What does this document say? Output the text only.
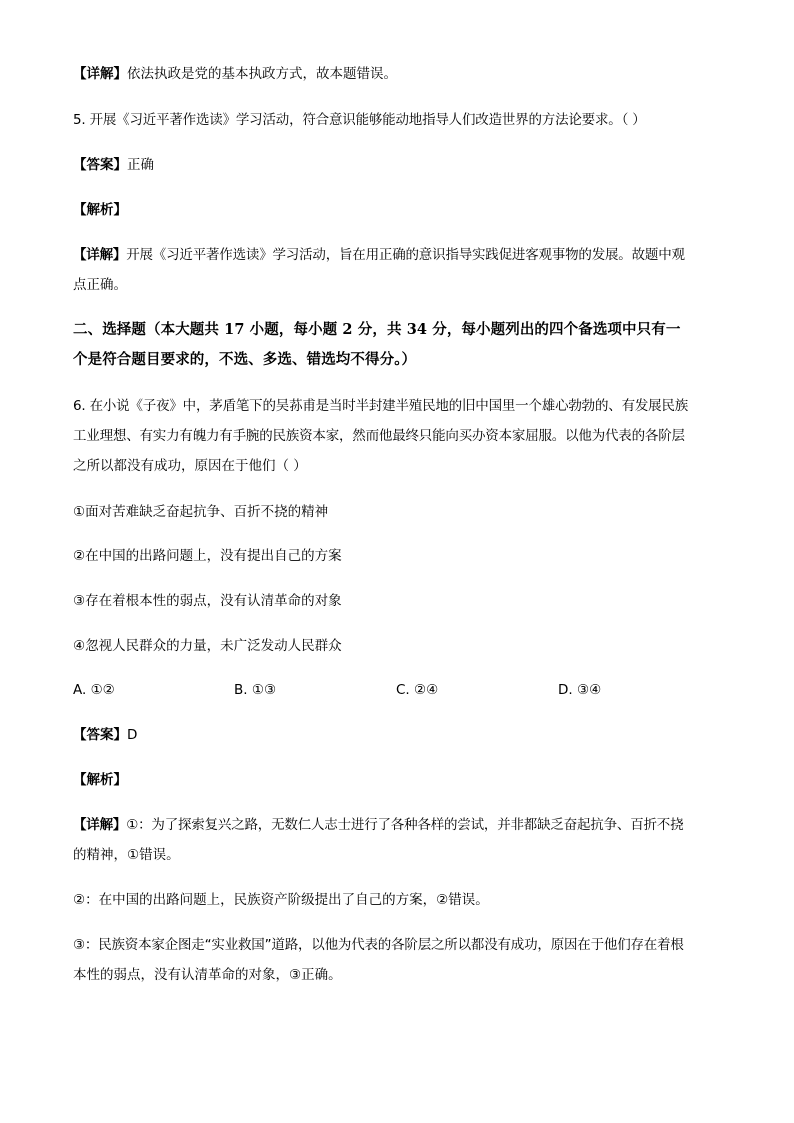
【详解】依法执政是党的基本执政方式，故本题错误。
5. 开展《习近平著作选读》学习活动，符合意识能够能动地指导人们改造世界的方法论要求。（ ）
【答案】正确
【解析】
【详解】开展《习近平著作选读》学习活动，旨在用正确的意识指导实践促进客观事物的发展。故题中观
点正确。
二、选择题（本大题共 17 小题，每小题 2 分，共 34 分，每小题列出的四个备选项中只有一
个是符合题目要求的，不选、多选、错选均不得分。）
6. 在小说《子夜》中，茅盾笔下的吴荪甫是当时半封建半殖民地的旧中国里一个雄心勃勃的、有发展民族
工业理想、有实力有魄力有手腕的民族资本家，然而他最终只能向买办资本家屈服。以他为代表的各阶层
之所以都没有成功，原因在于他们（ ）
①面对苦难缺乏奋起抗争、百折不挠的精神
②在中国的出路问题上，没有提出自己的方案
③存在着根本性的弱点，没有认清革命的对象
④忽视人民群众的力量，未广泛发动人民群众
A. ①②	B. ①③	C. ②④	D. ③④
【答案】D
【解析】
【详解】①：为了探索复兴之路，无数仁人志士进行了各种各样的尝试，并非都缺乏奋起抗争、百折不挠
的精神，①错误。
②：在中国的出路问题上，民族资产阶级提出了自己的方案，②错误。
③：民族资本家企图走“实业救国”道路，以他为代表的各阶层之所以都没有成功，原因在于他们存在着根
本性的弱点，没有认清革命的对象，③正确。
